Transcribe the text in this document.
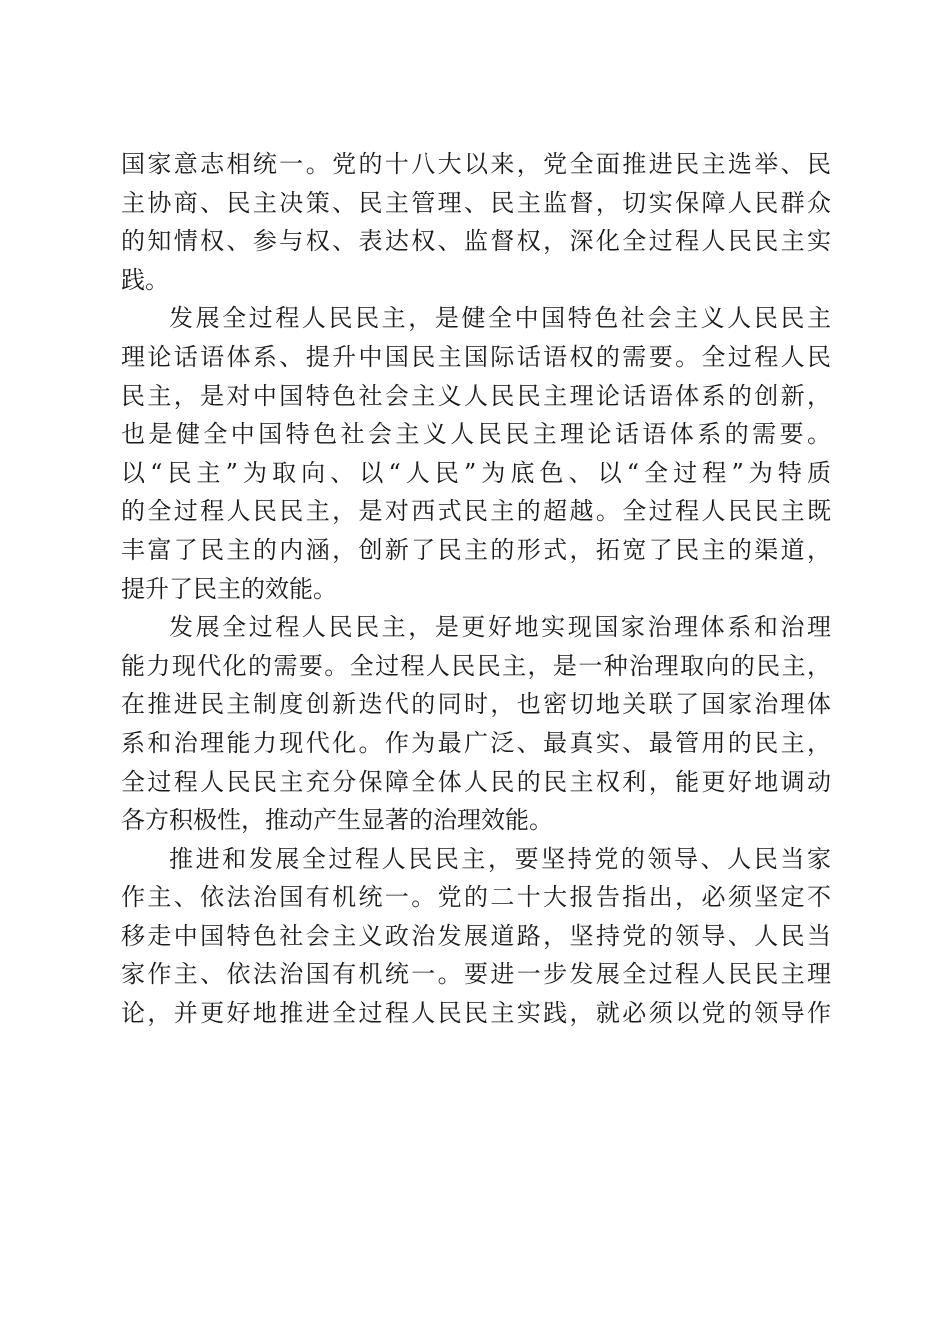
国家意志相统一。党的十八大以来，党全面推进民主选举、民
主协商、民主决策、民主管理、民主监督，切实保障人民群众
的知情权、参与权、表达权、监督权，深化全过程人民民主实
践。
发展全过程人民民主，是健全中国特色社会主义人民民主
理论话语体系、提升中国民主国际话语权的需要。全过程人民
民主，是对中国特色社会主义人民民主理论话语体系的创新，
也是健全中国特色社会主义人民民主理论话语体系的需要。
以“民主”为取向、以“人民”为底色、以“全过程”为特质
的全过程人民民主，是对西式民主的超越。全过程人民民主既
丰富了民主的内涵，创新了民主的形式，拓宽了民主的渠道，
提升了民主的效能。
发展全过程人民民主，是更好地实现国家治理体系和治理
能力现代化的需要。全过程人民民主，是一种治理取向的民主，
在推进民主制度创新迭代的同时，也密切地关联了国家治理体
系和治理能力现代化。作为最广泛、最真实、最管用的民主，
全过程人民民主充分保障全体人民的民主权利，能更好地调动
各方积极性，推动产生显著的治理效能。
推进和发展全过程人民民主，要坚持党的领导、人民当家
作主、依法治国有机统一。党的二十大报告指出，必须坚定不
移走中国特色社会主义政治发展道路，坚持党的领导、人民当
家作主、依法治国有机统一。要进一步发展全过程人民民主理
论，并更好地推进全过程人民民主实践，就必须以党的领导作
